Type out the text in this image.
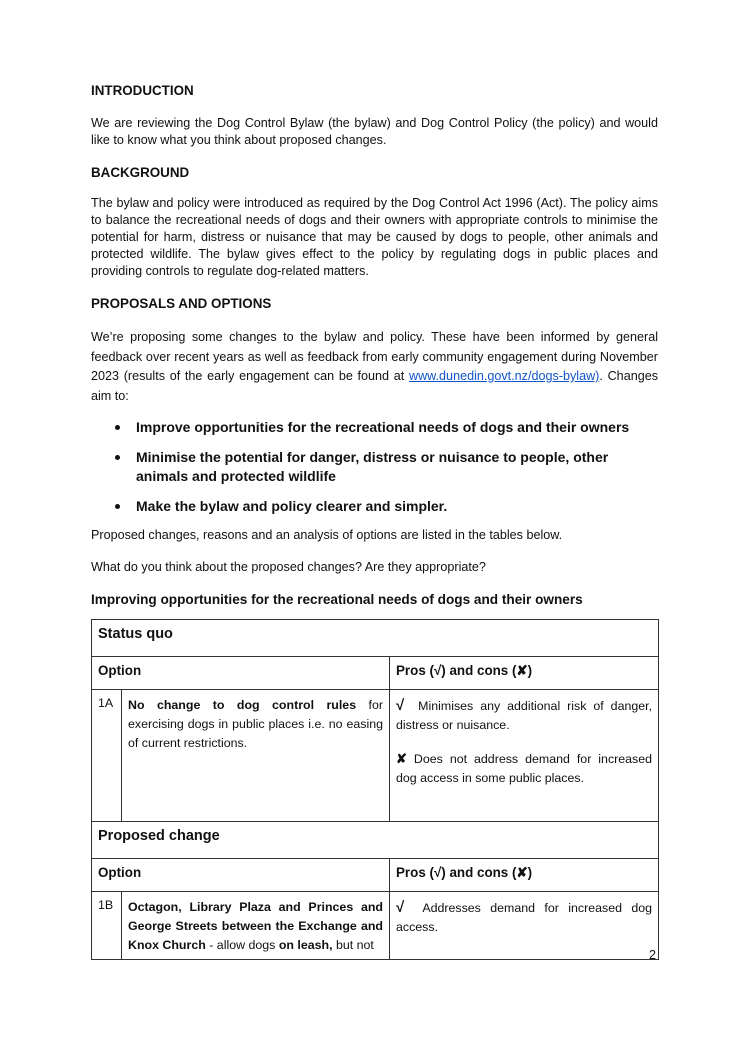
INTRODUCTION

We are reviewing the Dog Control Bylaw (the bylaw) and Dog Control Policy (the policy) and would like to know what you think about proposed changes.

BACKGROUND

The bylaw and policy were introduced as required by the Dog Control Act 1996 (Act). The policy aims to balance the recreational needs of dogs and their owners with appropriate controls to minimise the potential for harm, distress or nuisance that may be caused by dogs to people, other animals and protected wildlife. The bylaw gives effect to the policy by regulating dogs in public places and providing controls to regulate dog-related matters.

PROPOSALS AND OPTIONS

We’re proposing some changes to the bylaw and policy. These have been informed by general feedback over recent years as well as feedback from early community engagement during November 2023 (results of the early engagement can be found at www.dunedin.govt.nz/dogs-bylaw). Changes aim to:

Improve opportunities for the recreational needs of dogs and their owners
Minimise the potential for danger, distress or nuisance to people, other animals and protected wildlife
Make the bylaw and policy clearer and simpler.

Proposed changes, reasons and an analysis of options are listed in the tables below.

What do you think about the proposed changes? Are they appropriate?

Improving opportunities for the recreational needs of dogs and their owners
Status quo		
Option		Pros (√) and cons (✘)
1A	No change to dog control rules for exercising dogs in public places i.e. no easing of current restrictions.	√ Minimises any additional risk of danger, distress or nuisance.
✘ Does not address demand for increased dog access in some public places.

Proposed change		
Option		Pros (√) and cons (✘)
1B	Octagon, Library Plaza and Princes and George Streets between the Exchange and Knox Church - allow dogs on leash, but not	√ Addresses demand for increased dog access.
2
